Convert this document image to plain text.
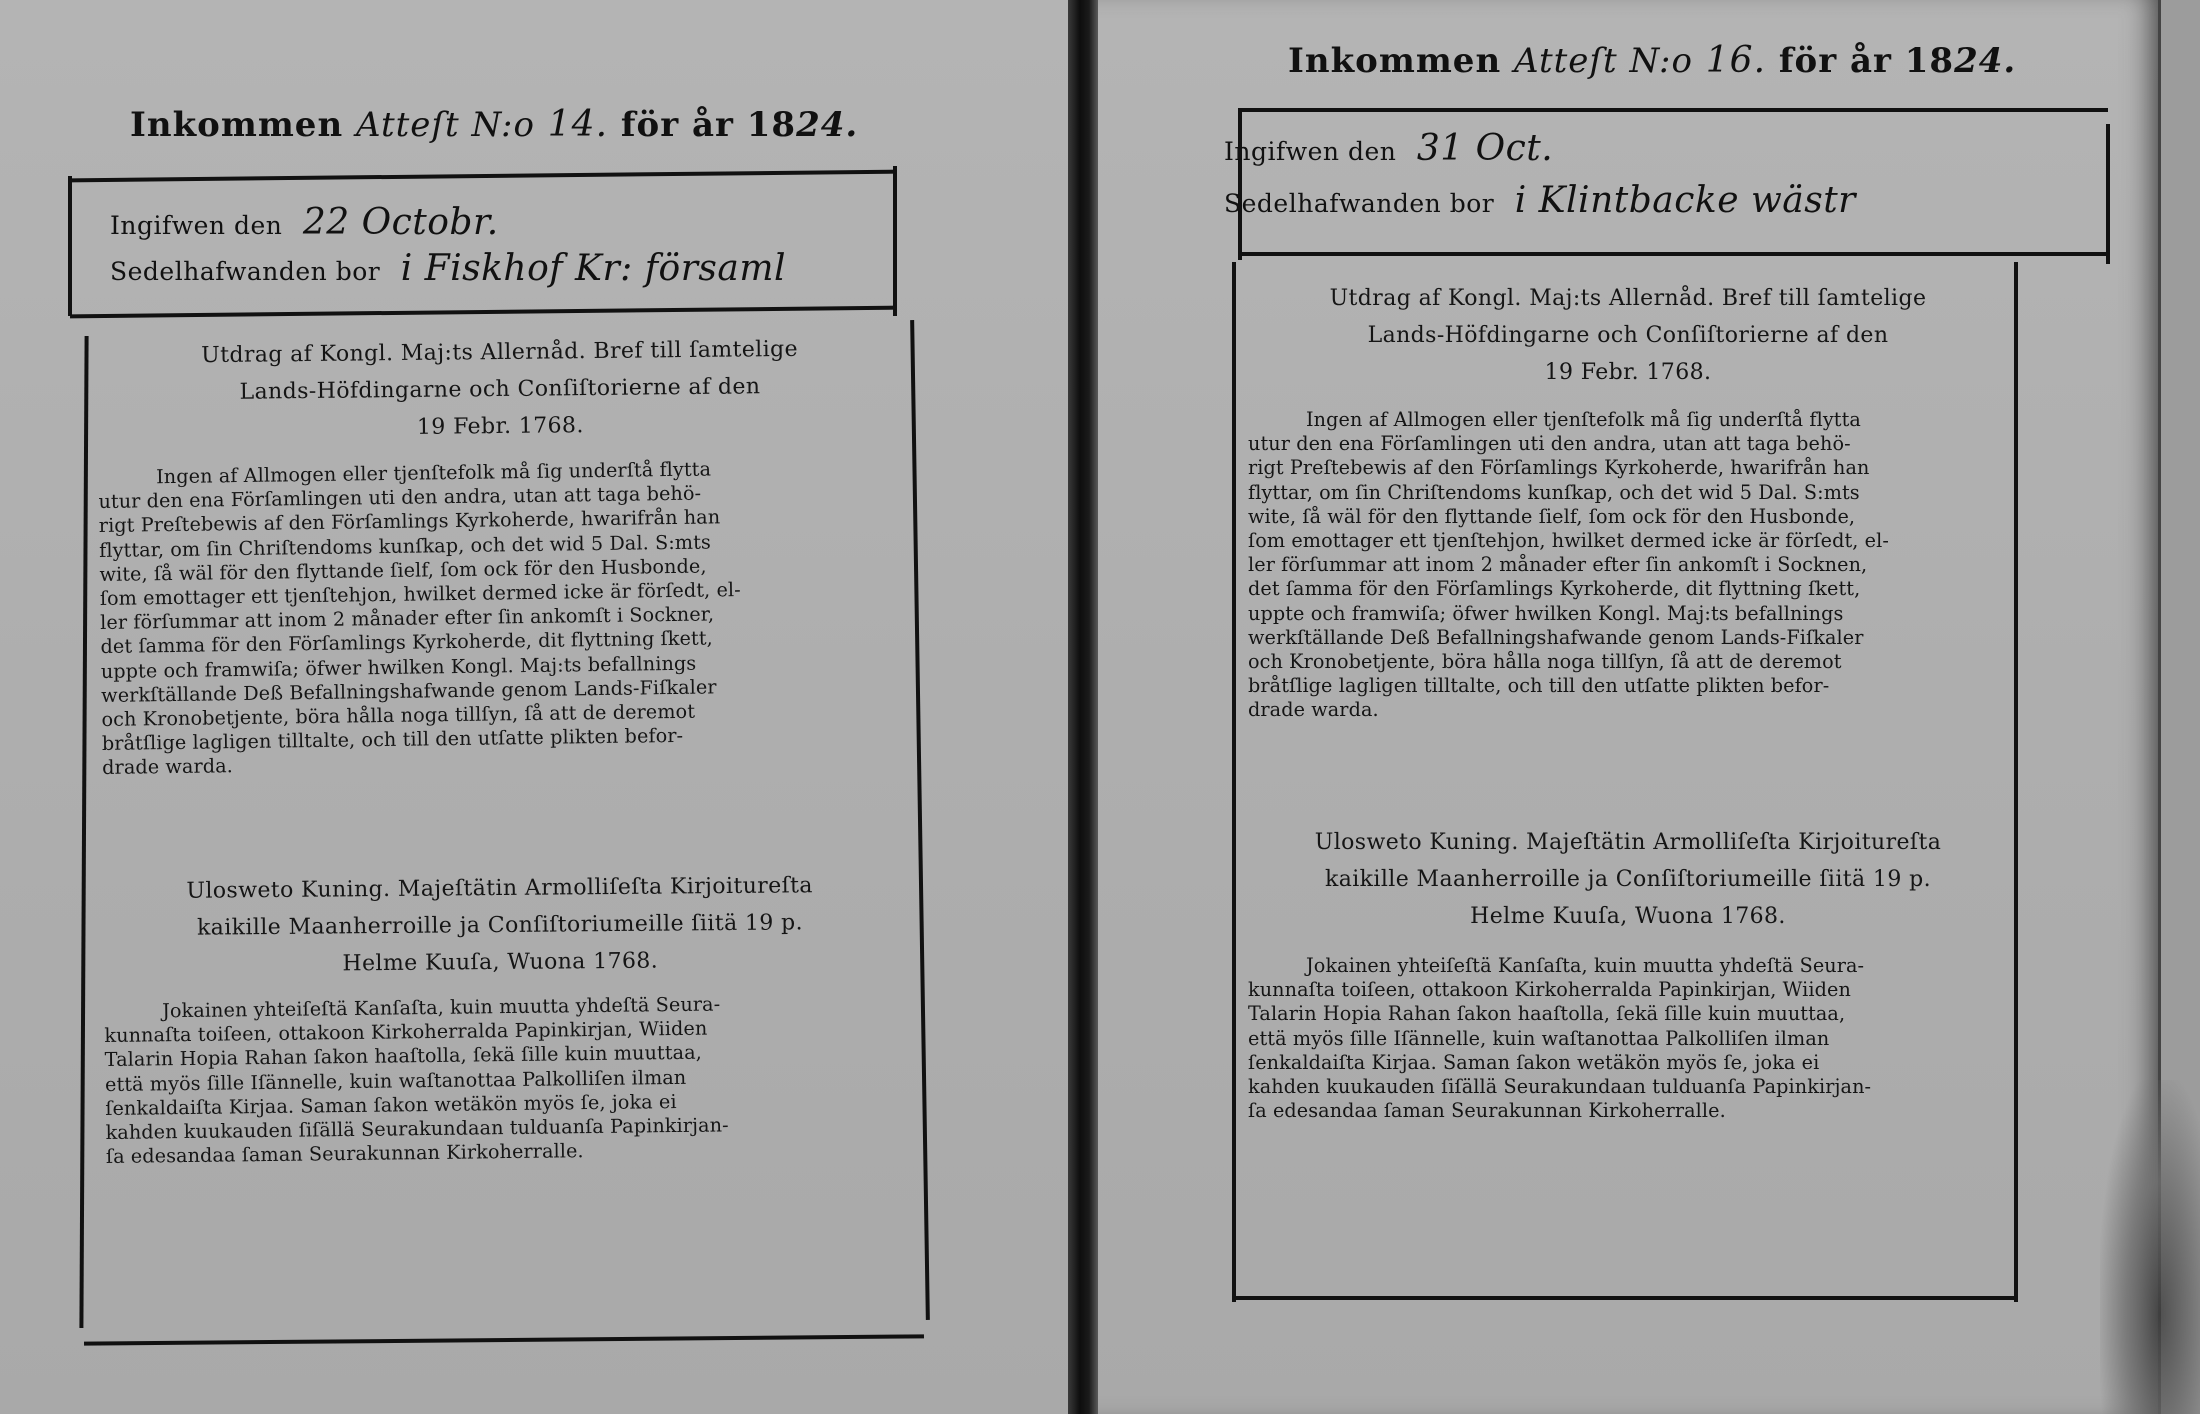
Inkommen Atteſt N:o 14. för år 1824.
Ingifwen den 22 Octobr.
Sedelhafwanden bor i Fiskhof Kr: församl
Utdrag af Kongl. Maj:ts Allernåd. Bref till ſamtelige
Lands-Höfdingarne och Conſiſtorierne af den
19 Febr. 1768.
Ingen af Allmogen eller tjenſtefolk må ſig underſtå flytta
utur den ena Förſamlingen uti den andra, utan att taga behö-
rigt Preſtebewis af den Förſamlings Kyrkoherde, hwarifrån han
flyttar, om ſin Chriſtendoms kunſkap, och det wid 5 Dal. S:mts
wite, ſå wäl för den flyttande ſielf, ſom ock för den Husbonde,
ſom emottager ett tjenſtehjon, hwilket dermed icke är förſedt, el-
ler förſummar att inom 2 månader efter ſin ankomſt i Sockner,
det ſamma för den Förſamlings Kyrkoherde, dit flyttning ſkett,
uppte och framwiſa; öfwer hwilken Kongl. Maj:ts befallnings
werkſtällande Deß Befallningshafwande genom Lands-Fiſkaler
och Kronobetjente, böra hålla noga tillſyn, ſå att de deremot
bråtſlige lagligen tilltalte, och till den utſatte plikten befor-
drade warda.
Ulosweto Kuning. Majeſtätin Armolliſeſta Kirjoitureſta
kaikille Maanherroille ja Conſiſtoriumeille ſiitä 19 p.
Helme Kuuſa, Wuona 1768.
Jokainen yhteiſeſtä Kanſaſta, kuin muutta yhdeſtä Seura-
kunnaſta toiſeen, ottakoon Kirkoherralda Papinkirjan, Wiiden
Talarin Hopia Rahan ſakon haaſtolla, ſekä ſille kuin muuttaa,
että myös ſille Iſännelle, kuin waſtanottaa Palkolliſen ilman
ſenkaldaiſta Kirjaa. Saman ſakon wetäkön myös ſe, joka ei
kahden kuukauden ſiſällä Seurakundaan tulduanſa Papinkirjan-
ſa edesandaa ſaman Seurakunnan Kirkoherralle.
Inkommen Atteſt N:o 16. för år 1824.
Ingifwen den 31 Oct.
Sedelhafwanden bor i Klintbacke wästr
Utdrag af Kongl. Maj:ts Allernåd. Bref till ſamtelige
Lands-Höfdingarne och Conſiſtorierne af den
19 Febr. 1768.
Ingen af Allmogen eller tjenſtefolk må ſig underſtå flytta
utur den ena Förſamlingen uti den andra, utan att taga behö-
rigt Preſtebewis af den Förſamlings Kyrkoherde, hwarifrån han
flyttar, om ſin Chriſtendoms kunſkap, och det wid 5 Dal. S:mts
wite, ſå wäl för den flyttande ſielf, ſom ock för den Husbonde,
ſom emottager ett tjenſtehjon, hwilket dermed icke är förſedt, el-
ler förſummar att inom 2 månader efter ſin ankomſt i Socknen,
det ſamma för den Förſamlings Kyrkoherde, dit flyttning ſkett,
uppte och framwiſa; öfwer hwilken Kongl. Maj:ts befallnings
werkſtällande Deß Befallningshafwande genom Lands-Fiſkaler
och Kronobetjente, böra hålla noga tillſyn, ſå att de deremot
bråtſlige lagligen tilltalte, och till den utſatte plikten befor-
drade warda.
Ulosweto Kuning. Majeſtätin Armolliſeſta Kirjoitureſta
kaikille Maanherroille ja Conſiſtoriumeille ſiitä 19 p.
Helme Kuuſa, Wuona 1768.
Jokainen yhteiſeſtä Kanſaſta, kuin muutta yhdeſtä Seura-
kunnaſta toiſeen, ottakoon Kirkoherralda Papinkirjan, Wiiden
Talarin Hopia Rahan ſakon haaſtolla, ſekä ſille kuin muuttaa,
että myös ſille Iſännelle, kuin waſtanottaa Palkolliſen ilman
ſenkaldaiſta Kirjaa. Saman ſakon wetäkön myös ſe, joka ei
kahden kuukauden ſiſällä Seurakundaan tulduanſa Papinkirjan-
ſa edesandaa ſaman Seurakunnan Kirkoherralle.
